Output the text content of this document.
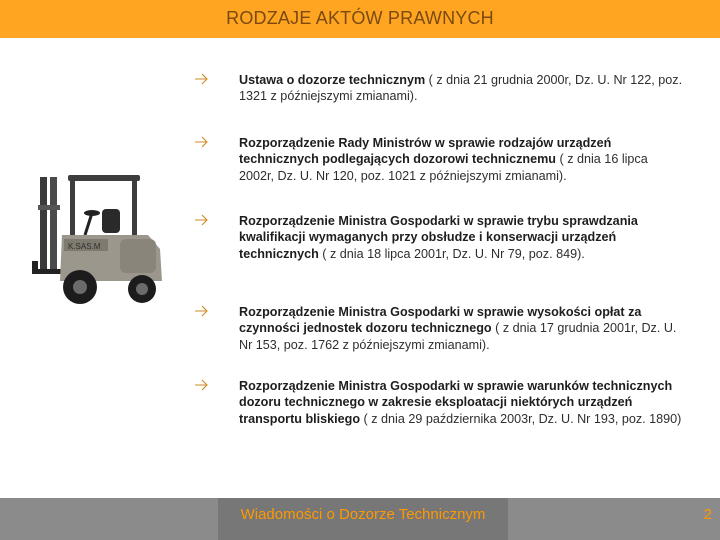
RODZAJE AKTÓW PRAWNYCH
K.SAS.M
Ustawa o dozorze technicznym ( z dnia 21 grudnia 2000r, Dz. U. Nr 122, poz. 1321 z późniejszymi zmianami).
Rozporządzenie Rady Ministrów w sprawie rodzajów urządzeń technicznych podlegających dozorowi technicznemu ( z dnia 16 lipca 2002r, Dz. U. Nr 120, poz. 1021 z późniejszymi zmianami).
Rozporządzenie Ministra Gospodarki w sprawie trybu sprawdzania kwalifikacji wymaganych przy obsłudze i konserwacji urządzeń technicznych ( z dnia 18 lipca 2001r, Dz. U. Nr 79, poz. 849).
Rozporządzenie Ministra Gospodarki w sprawie wysokości opłat za czynności jednostek dozoru technicznego ( z dnia 17 grudnia 2001r, Dz. U. Nr 153, poz. 1762 z późniejszymi zmianami).
Rozporządzenie Ministra Gospodarki w sprawie warunków technicznych dozoru technicznego w zakresie eksploatacji niektórych urządzeń transportu bliskiego ( z dnia 29 października 2003r, Dz. U. Nr 193, poz. 1890)
Wiadomości o Dozorze Technicznym	2
